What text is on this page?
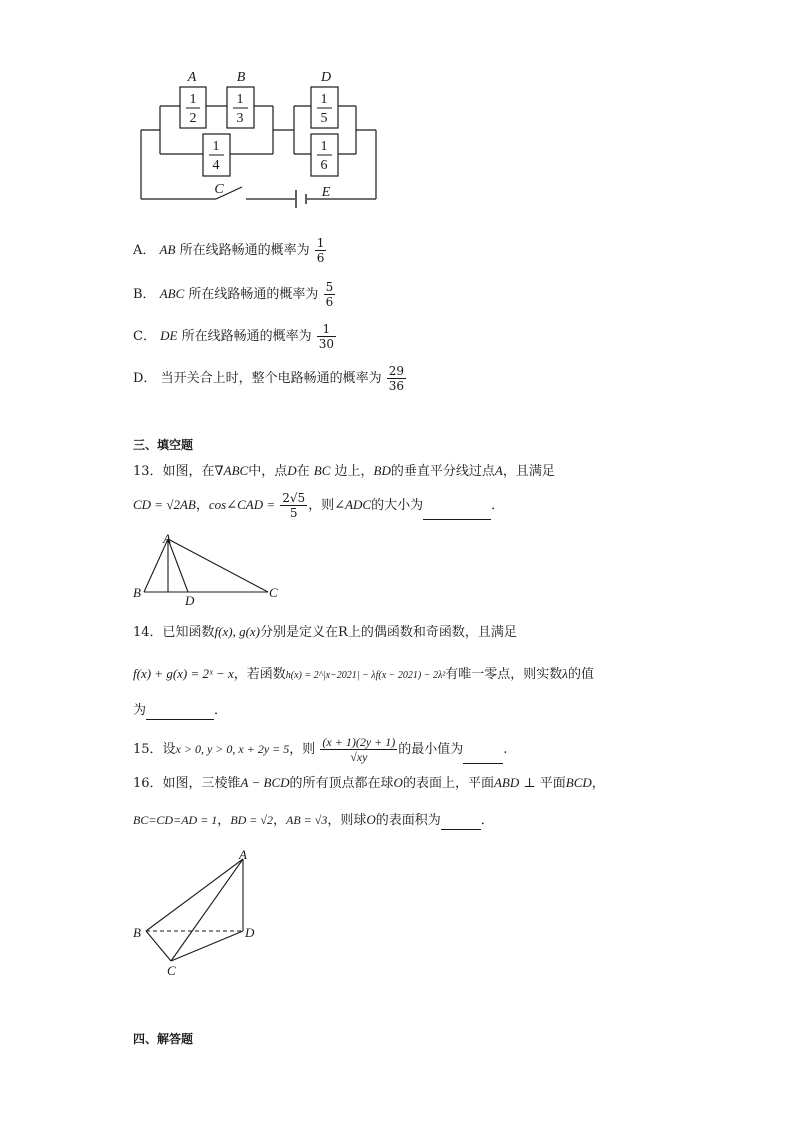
A	B	D
C	E
1
2
1
3
1
4
1
5
1
6
A． AB 所在线路畅通的概率为 $\frac{1}{6}$
B． ABC 所在线路畅通的概率为 $\frac{5}{6}$
C． DE 所在线路畅通的概率为 $\frac{1}{30}$
D． 当开关合上时，整个电路畅通的概率为 $\frac{29}{36}$
三、填空题
13．如图，在∇ABC中，点D在 BC 边上，BD的垂直平分线过点A，且满足
CD = √2AB，cos∠CAD = $\frac{2√5}{5}$ ，则∠ADC的大小为	．
A
B
D
C
14．已知函数f(x), g(x)分别是定义在R上的偶函数和奇函数，且满足
f(x) + g(x) = 2ˣ − x，若函数h(x) = 2^|x−2021| − λf(x − 2021) − 2λ²有唯一零点，则实数λ的值
为	．
15．设x > 0, y > 0, x + 2y = 5，则 $\frac{(x + 1)(2y + 1)}{√xy}$ 的最小值为	.
16．如图，三棱锥A − BCD的所有顶点都在球O的表面上，平面ABD ⊥ 平面BCD，
BC=CD=AD = 1，BD = √2，AB = √3，则球O的表面积为	．
A
B	D
C
四、解答题
